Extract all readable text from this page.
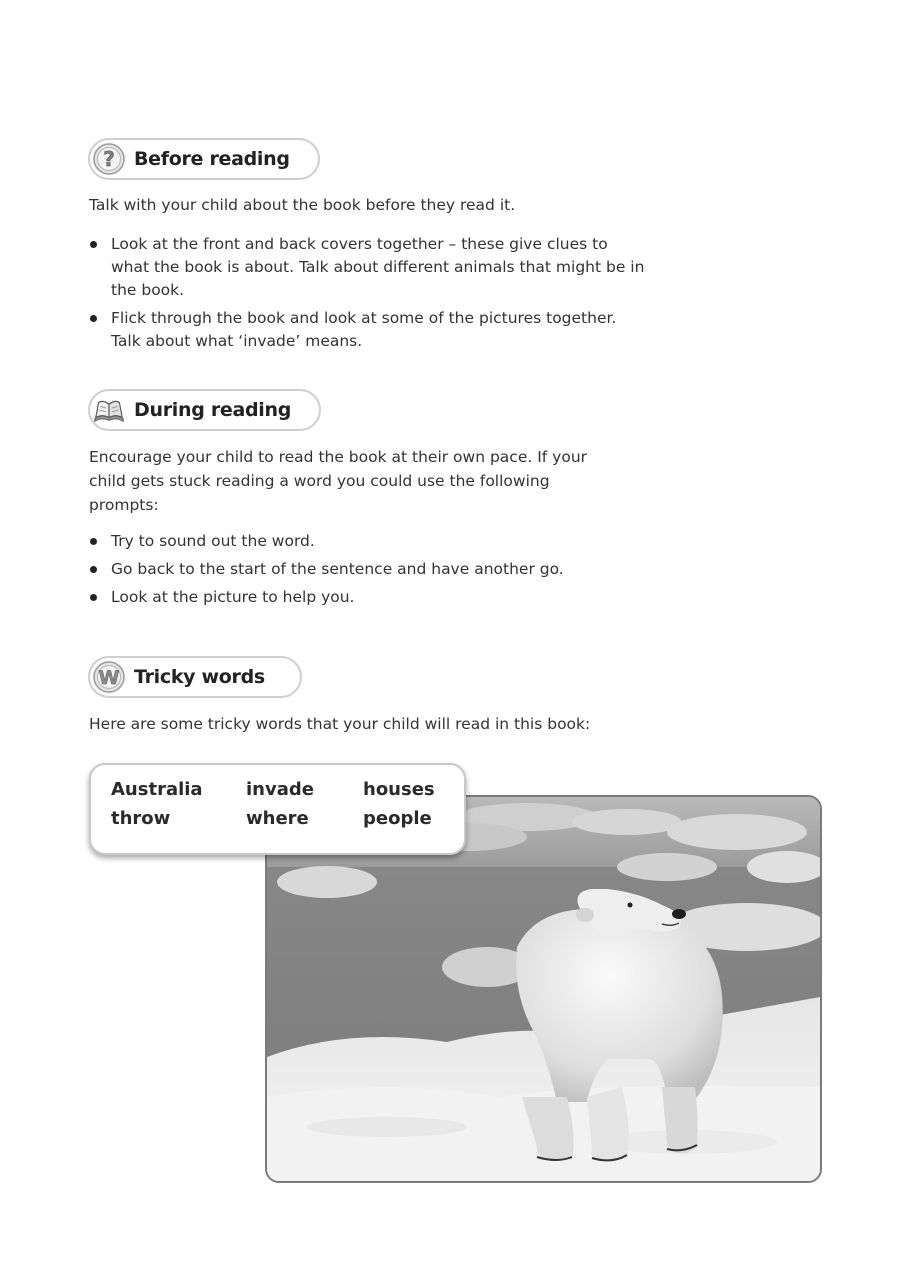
? Before reading

Talk with your child about the book before they read it.

Look at the front and back covers together – these give clues to what the book is about. Talk about different animals that might be in the book.
Flick through the book and look at some of the pictures together. Talk about what ‘invade’ means.
During reading

Encourage your child to read the book at their own pace. If your child gets stuck reading a word you could use the following prompts:

Try to sound out the word.
Go back to the start of the sentence and have another go.
Look at the picture to help you.
W Tricky words

Here are some tricky words that your child will read in this book:

Australia	invade	houses
throw	where	people
